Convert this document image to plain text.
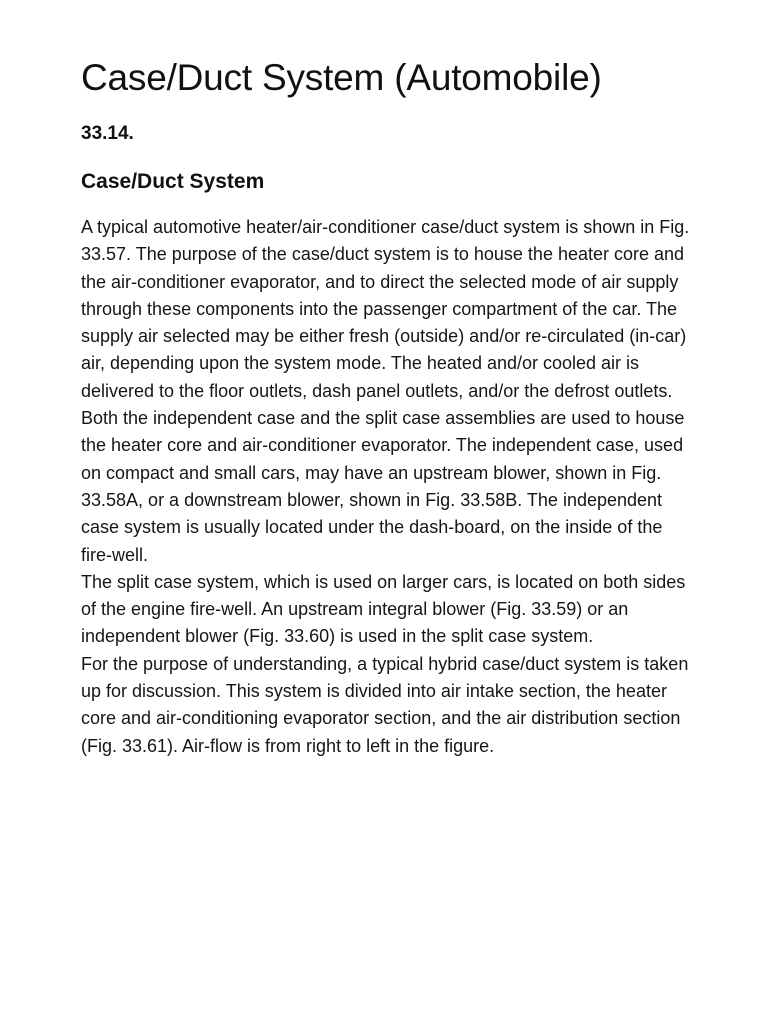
Case/Duct System (Automobile)
33.14.
Case/Duct System

A typical automotive heater/air-conditioner case/duct system is shown in Fig. 33.57. The purpose of the case/duct system is to house the heater core and the air-conditioner evaporator, and to direct the selected mode of air supply through these components into the passenger compartment of the car. The supply air selected may be either fresh (outside) and/or re-circulated (in-car) air, depending upon the system mode. The heated and/or cooled air is delivered to the floor outlets, dash panel outlets, and/or the defrost outlets.

Both the independent case and the split case assemblies are used to house the heater core and air-conditioner evaporator. The independent case, used on compact and small cars, may have an upstream blower, shown in Fig. 33.58A, or a downstream blower, shown in Fig. 33.58B. The independent case system is usually located under the dash-board, on the inside of the fire-well.

The split case system, which is used on larger cars, is located on both sides of the engine fire-well. An upstream integral blower (Fig. 33.59) or an independent blower (Fig. 33.60) is used in the split case system.

For the purpose of understanding, a typical hybrid case/duct system is taken up for discussion. This system is divided into air intake section, the heater core and air-conditioning evaporator section, and the air distribution section (Fig. 33.61). Air-flow is from right to left in the figure.
